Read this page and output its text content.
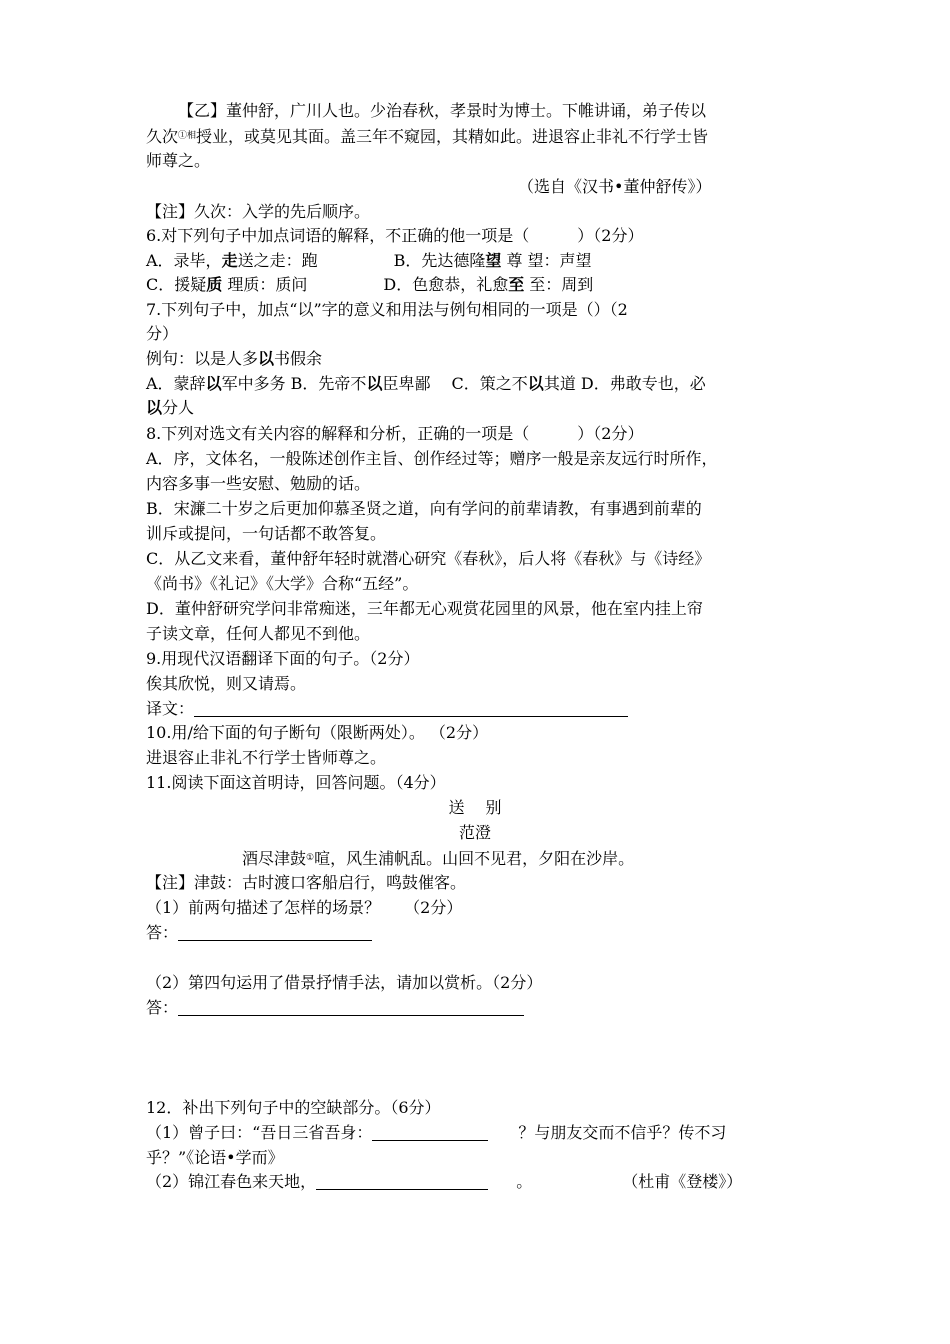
【乙】董仲舒，广川人也。少治春秋，孝景时为博士。下帷讲诵，弟子传以
久次$^{①相}$授业，或莫见其面。盖三年不窥园，其精如此。进退容止非礼不行学士皆
师尊之。
（选自《汉书•董仲舒传》）
【注】久次：入学的先后顺序。
6.对下列句子中加点词语的解释，不正确的他一项是（　　　）（2分）
A．录毕，走送之走：跑	B．先达德隆望 尊 望：声望
C．援疑质 理质：质问	D．色愈恭，礼愈至 至：周到
7.下列句子中，加点“以”字的意义和用法与例句相同的一项是（）（2
分）
例句：以是人多以书假余
A．蒙辞以军中多务 B．先帝不以臣卑鄙　 C．策之不以其道 D．弗敢专也，必
以分人
8.下列对选文有关内容的解释和分析，正确的一项是（　　　）（2分）
A．序，文体名，一般陈述创作主旨、创作经过等；赠序一般是亲友远行时所作，
内容多事一些安慰、勉励的话。
B．宋濂二十岁之后更加仰慕圣贤之道，向有学问的前辈请教，有事遇到前辈的
训斥或提问，一句话都不敢答复。
C．从乙文来看，董仲舒年轻时就潜心研究《春秋》，后人将《春秋》与《诗经》
《尚书》《礼记》《大学》合称“五经”。
D．董仲舒研究学问非常痴迷，三年都无心观赏花园里的风景，他在室内挂上帘
子读文章，任何人都见不到他。
9.用现代汉语翻译下面的句子。（2分）
俟其欣悦，则又请焉。
译文：
10.用/给下面的句子断句（限断两处）。 （2分）
进退容止非礼不行学士皆师尊之。
11.阅读下面这首明诗，回答问题。（4分）
送　 别
范澄
酒尽津鼓①喧，风生浦帆乱。山回不见君，夕阳在沙岸。
【注】津鼓：古时渡口客船启行，鸣鼓催客。
（1）前两句描述了怎样的场景？　　（2分）
答：
（2）第四句运用了借景抒情手法，请加以赏析。（2分）
答：
12．补出下列句子中的空缺部分。（6分）
（1）曾子曰：“吾日三省吾身：	？与朋友交而不信乎？传不习
乎？”《论语•学而》
（2）锦江春色来天地，	。	（杜甫《登楼》）
